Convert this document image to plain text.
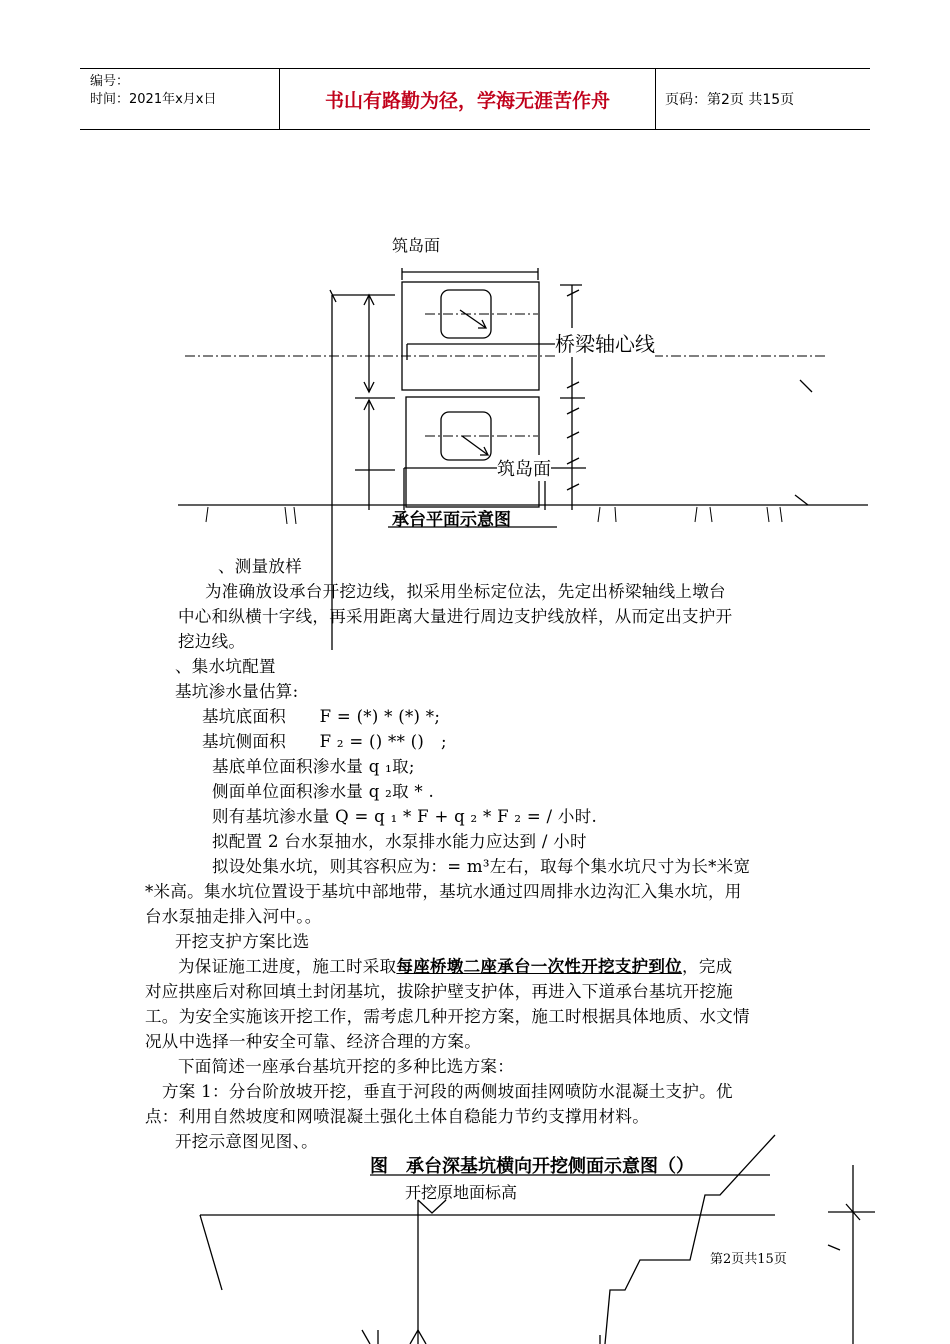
编号：
时间：2021年x月x日	书山有路勤为径，学海无涯苦作舟	页码：第2页 共15页
筑岛面
桥梁轴心线
筑岛面
承台平面示意图
、测量放样
为准确放设承台开挖边线，拟采用坐标定位法，先定出桥梁轴线上墩台
中心和纵横十字线，再采用距离大量进行周边支护线放样，从而定出支护开
挖边线。
、集水坑配置
基坑渗水量估算:
基坑底面积　　F = (*) * (*) *;
基坑侧面积　　F ₂ = () ** ()　;
基底单位面积渗水量 q ₁取;
侧面单位面积渗水量 q ₂取 * .
则有基坑渗水量 Q = q ₁ * F + q ₂ * F ₂ = / 小时.
拟配置 2 台水泵抽水，水泵排水能力应达到 / 小时
拟设处集水坑，则其容积应为：= m³左右，取每个集水坑尺寸为长*米宽
*米高。集水坑位置设于基坑中部地带，基坑水通过四周排水边沟汇入集水坑，用
台水泵抽走排入河中。。
开挖支护方案比选
为保证施工进度，施工时采取每座桥墩二座承台一次性开挖支护到位，完成
对应拱座后对称回填土封闭基坑，拔除护壁支护体，再进入下道承台基坑开挖施
工。为安全实施该开挖工作，需考虑几种开挖方案，施工时根据具体地质、水文情
况从中选择一种安全可靠、经济合理的方案。
下面简述一座承台基坑开挖的多种比选方案：
方案 1：分台阶放坡开挖，垂直于河段的两侧坡面挂网喷防水混凝土支护。优
点：利用自然坡度和网喷混凝土强化土体自稳能力节约支撑用材料。
开挖示意图见图、。
图　承台深基坑横向开挖侧面示意图（）
开挖原地面标高
第2页共15页
